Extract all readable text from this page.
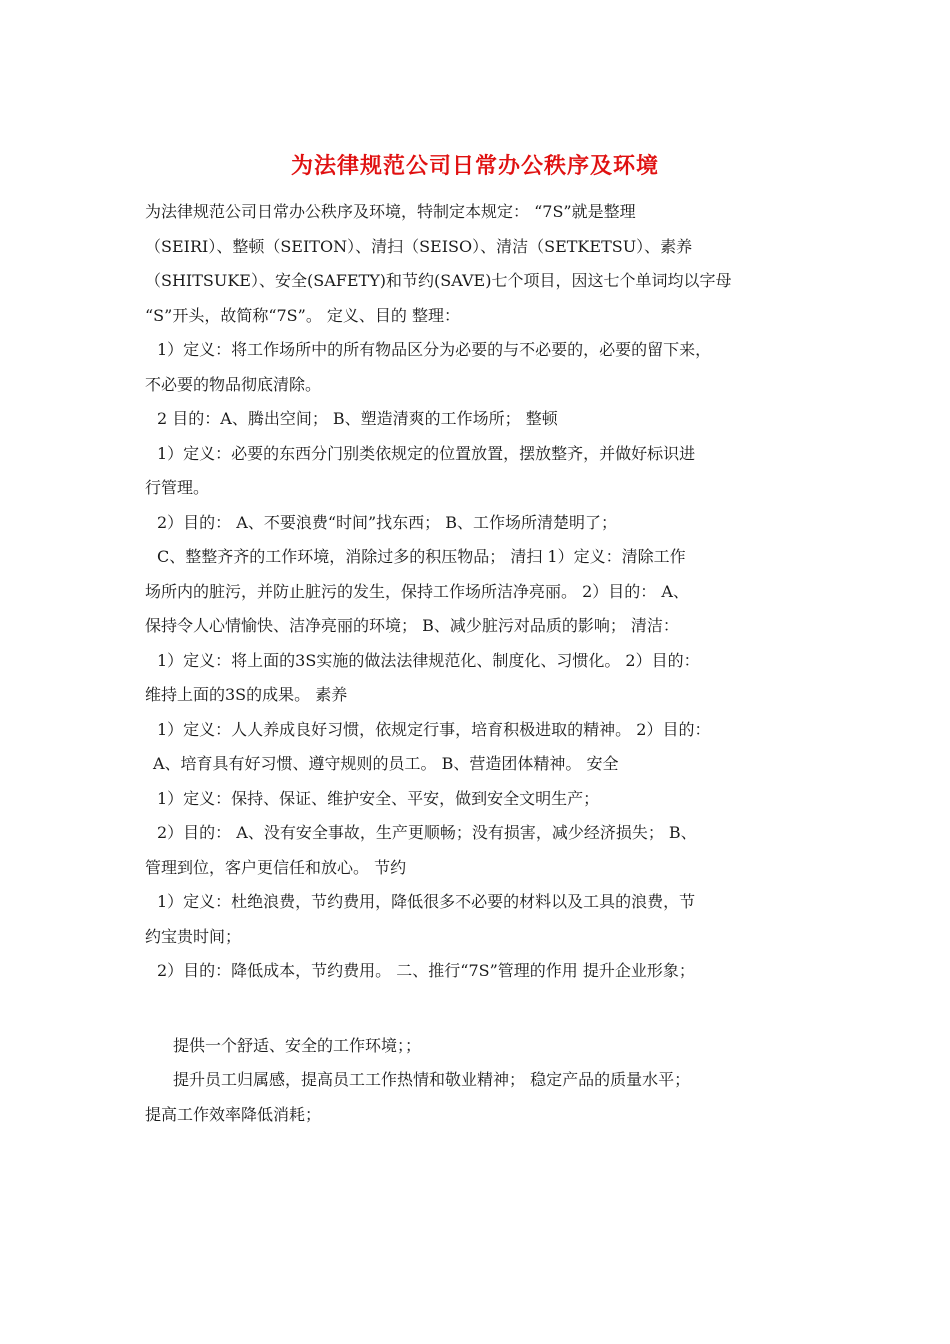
为法律规范公司日常办公秩序及环境
为法律规范公司日常办公秩序及环境，特制定本规定： “7S”就是整理
（SEIRI）、整顿（SEITON）、清扫（SEISO）、清洁（SETKETSU）、素养
（SHITSUKE）、安全(SAFETY)和节约(SAVE)七个项目，因这七个单词均以字母
“S”开头，故简称“7S”。 定义、目的 整理：
1）定义：将工作场所中的所有物品区分为必要的与不必要的，必要的留下来，
不必要的物品彻底清除。
2 目的：A、腾出空间； B、塑造清爽的工作场所； 整顿
1）定义：必要的东西分门别类依规定的位置放置，摆放整齐，并做好标识进
行管理。
2）目的： A、不要浪费“时间”找东西； B、工作场所清楚明了；
C、整整齐齐的工作环境，消除过多的积压物品； 清扫 1）定义：清除工作
场所内的脏污，并防止脏污的发生，保持工作场所洁净亮丽。 2）目的： A、
保持令人心情愉快、洁净亮丽的环境； B、减少脏污对品质的影响； 清洁：
1）定义：将上面的3S实施的做法法律规范化、制度化、习惯化。 2）目的：
维持上面的3S的成果。 素养
1）定义：人人养成良好习惯，依规定行事，培育积极进取的精神。 2）目的：
A、培育具有好习惯、遵守规则的员工。 B、营造团体精神。 安全
1）定义：保持、保证、维护安全、平安，做到安全文明生产；
2）目的： A、没有安全事故，生产更顺畅；没有损害，减少经济损失； B、
管理到位，客户更信任和放心。 节约
1）定义：杜绝浪费，节约费用，降低很多不必要的材料以及工具的浪费，节
约宝贵时间；
2）目的：降低成本，节约费用。 二、推行“7S”管理的作用 提升企业形象；
提供一个舒适、安全的工作环境；；
提升员工归属感，提高员工工作热情和敬业精神； 稳定产品的质量水平；
提高工作效率降低消耗；
